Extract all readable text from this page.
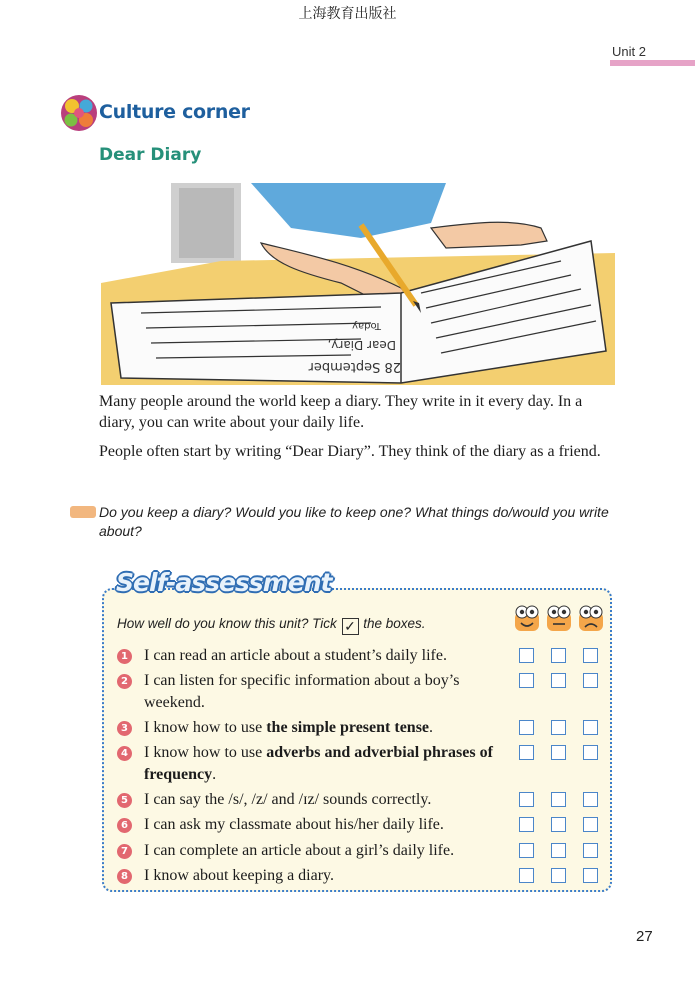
上海教育出版社
Unit 2
Culture corner
Dear Diary
Today
Dear Diary,
28 September
Many people around the world keep a diary. They write in it every day. In a diary, you can write about your daily life.
People often start by writing “Dear Diary”. They think of the diary as a friend.
Do you keep a diary? Would you like to keep one? What things do/would you write about?
Self-assessment
How well do you know this unit? Tick ✓ the boxes.
1 I can read an article about a student’s daily life.
2 I can listen for specific information about a boy’s weekend.
3 I know how to use the simple present tense.
4 I know how to use adverbs and adverbial phrases of frequency.
5 I can say the /s/, /z/ and /ɪz/ sounds correctly.
6 I can ask my classmate about his/her daily life.
7 I can complete an article about a girl’s daily life.
8 I know about keeping a diary.
27
